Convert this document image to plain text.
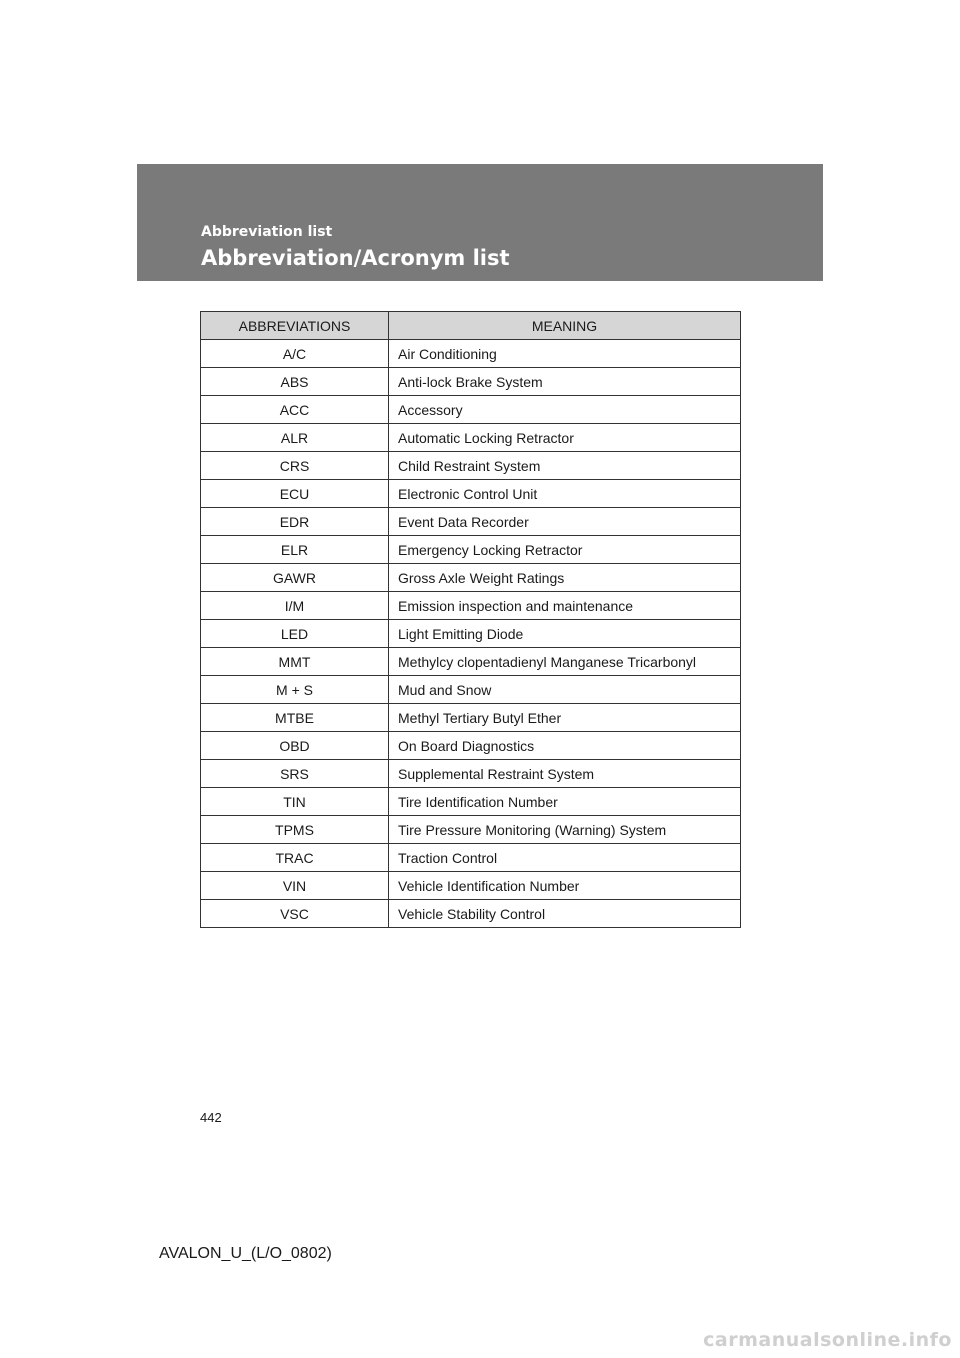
Abbreviation list
Abbreviation/Acronym list
ABBREVIATIONS	MEANING
A/C	Air Conditioning
ABS	Anti-lock Brake System
ACC	Accessory
ALR	Automatic Locking Retractor
CRS	Child Restraint System
ECU	Electronic Control Unit
EDR	Event Data Recorder
ELR	Emergency Locking Retractor
GAWR	Gross Axle Weight Ratings
I/M	Emission inspection and maintenance
LED	Light Emitting Diode
MMT	Methylcy clopentadienyl Manganese Tricarbonyl
M + S	Mud and Snow
MTBE	Methyl Tertiary Butyl Ether
OBD	On Board Diagnostics
SRS	Supplemental Restraint System
TIN	Tire Identification Number
TPMS	Tire Pressure Monitoring (Warning) System
TRAC	Traction Control
VIN	Vehicle Identification Number
VSC	Vehicle Stability Control
442
AVALON_U_(L/O_0802)
carmanualsonline.info
